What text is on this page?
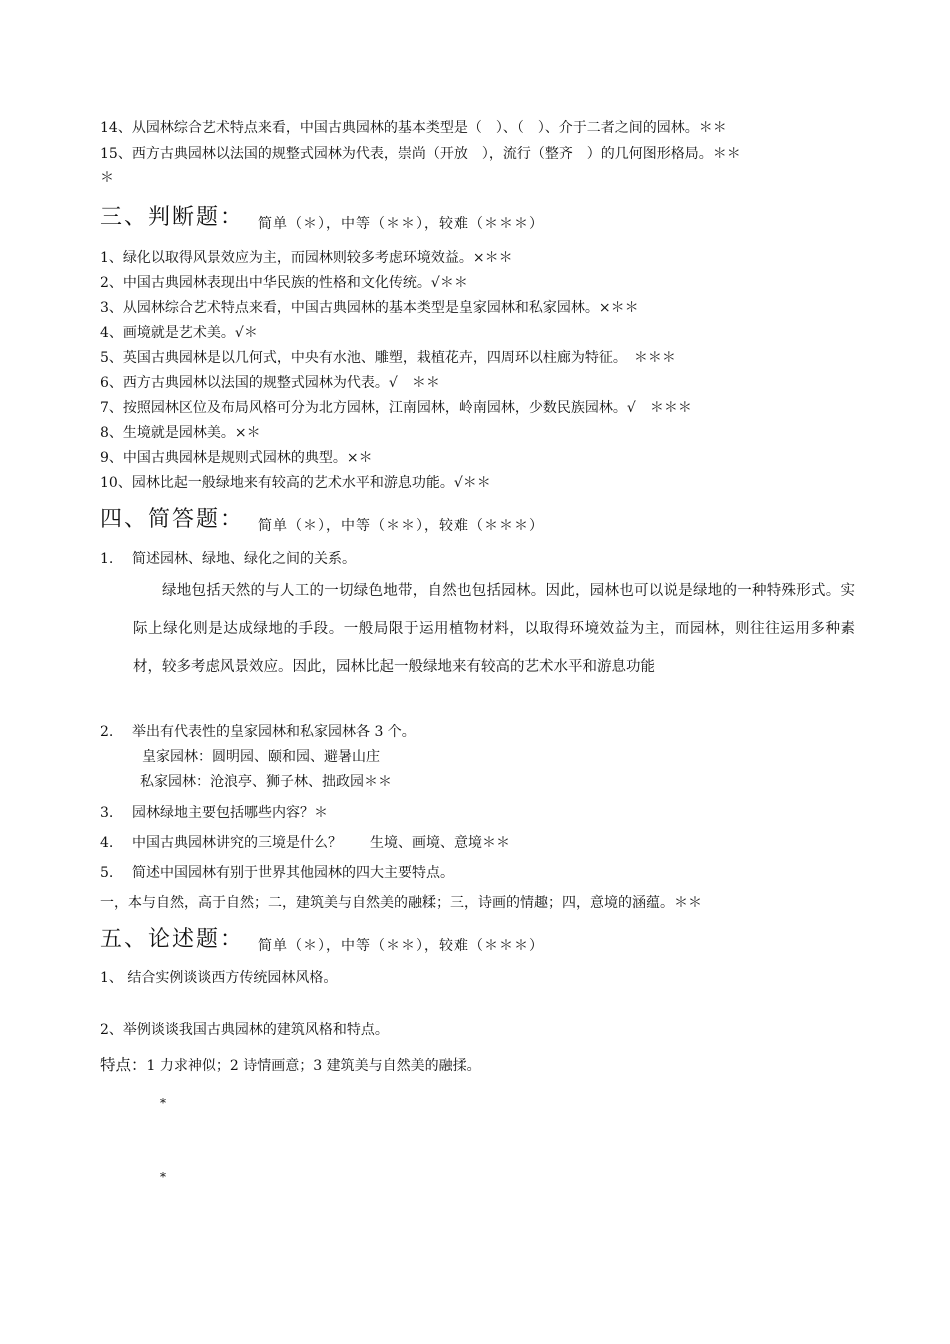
14、从园林综合艺术特点来看，中国古典园林的基本类型是（　）、（　）、介于二者之间的园林。＊＊
15、西方古典园林以法国的规整式园林为代表，崇尚（开放　），流行（整齐　）的几何图形格局。＊＊
＊
三、判断题： 简单（＊），中等（＊＊），较难（＊＊＊）
1、绿化以取得风景效应为主，而园林则较多考虑环境效益。×＊＊
2、中国古典园林表现出中华民族的性格和文化传统。√＊＊
3、从园林综合艺术特点来看，中国古典园林的基本类型是皇家园林和私家园林。×＊＊
4、画境就是艺术美。√＊
5、英国古典园林是以几何式，中央有水池、雕塑，栽植花卉，四周环以柱廊为特征。　＊＊＊
6、西方古典园林以法国的规整式园林为代表。√　＊＊
7、按照园林区位及布局风格可分为北方园林，江南园林，岭南园林，少数民族园林。√　＊＊＊
8、生境就是园林美。×＊
9、中国古典园林是规则式园林的典型。×＊
10、园林比起一般绿地来有较高的艺术水平和游息功能。√＊＊
四、简答题： 简单（＊），中等（＊＊），较难（＊＊＊）
1. 简述园林、绿地、绿化之间的关系。
绿地包括天然的与人工的一切绿色地带，自然也包括园林。因此，园林也可以说是绿地的一种特殊形式。实际上绿化则是达成绿地的手段。一般局限于运用植物材料，以取得环境效益为主，而园林，则往往运用多种素材，较多考虑风景效应。因此，园林比起一般绿地来有较高的艺术水平和游息功能
2. 举出有代表性的皇家园林和私家园林各 3 个。
皇家园林：圆明园、颐和园、避暑山庄
私家园林：沧浪亭、狮子林、拙政园＊＊
3. 园林绿地主要包括哪些内容？＊
4. 中国古典园林讲究的三境是什么？　　生境、画境、意境＊＊
5. 简述中国园林有别于世界其他园林的四大主要特点。
一，本与自然，高于自然；二，建筑美与自然美的融糅；三，诗画的情趣；四，意境的涵蕴。＊＊
五、论述题： 简单（＊），中等（＊＊），较难（＊＊＊）
1、 结合实例谈谈西方传统园林风格。
2、举例谈谈我国古典园林的建筑风格和特点。
特点：1 力求神似；2 诗情画意；3 建筑美与自然美的融揉。
*
*
